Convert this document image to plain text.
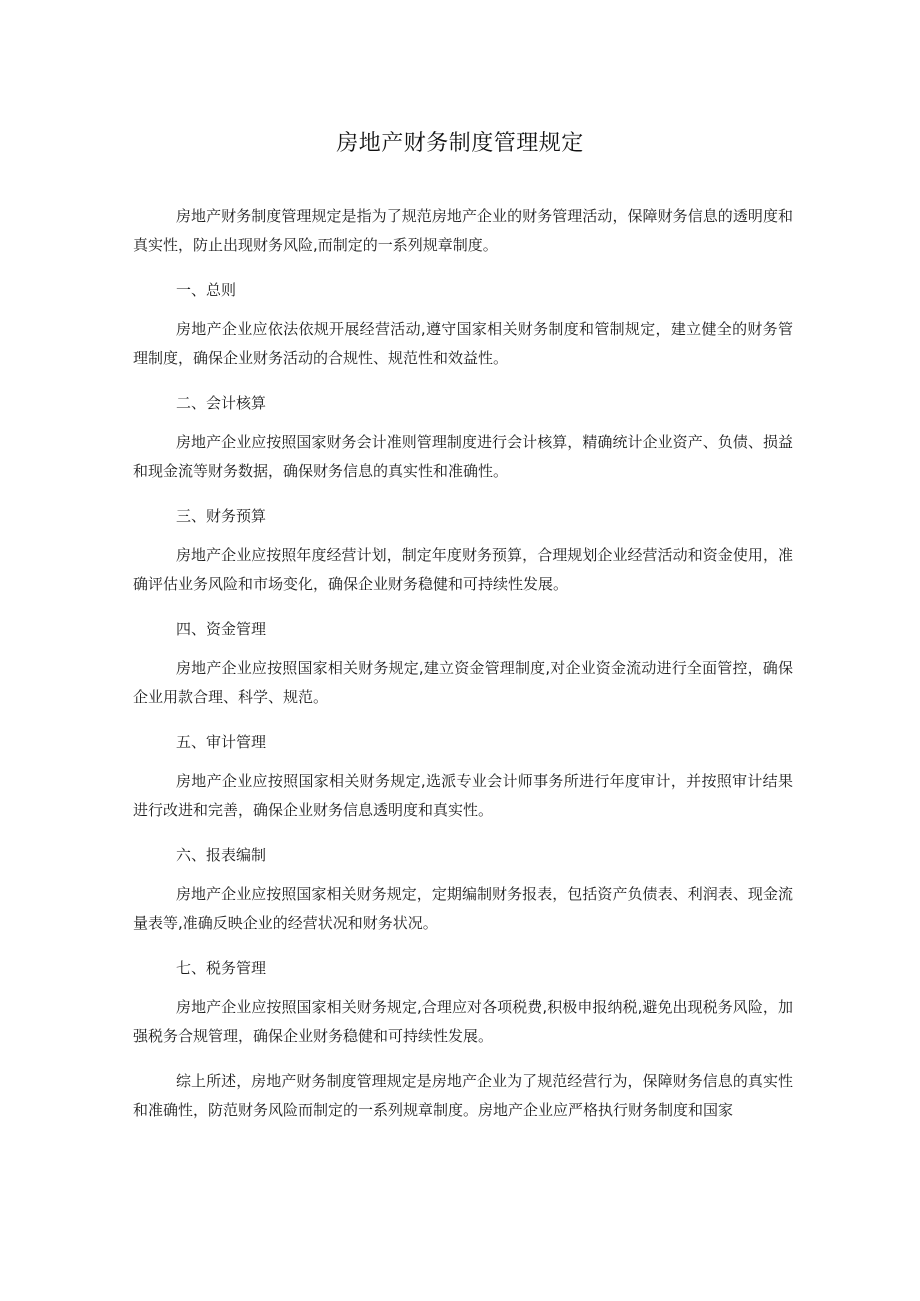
房地产财务制度管理规定

房地产财务制度管理规定是指为了规范房地产企业的财务管理活动，保障财务信息的透明度和真实性，防止出现财务风险,而制定的一系列规章制度。

一、总则

房地产企业应依法依规开展经营活动,遵守国家相关财务制度和管制规定，建立健全的财务管理制度，确保企业财务活动的合规性、规范性和效益性。

二、会计核算

房地产企业应按照国家财务会计准则管理制度进行会计核算，精确统计企业资产、负债、损益和现金流等财务数据，确保财务信息的真实性和准确性。

三、财务预算

房地产企业应按照年度经营计划，制定年度财务预算，合理规划企业经营活动和资金使用，准确评估业务风险和市场变化，确保企业财务稳健和可持续性发展。

四、资金管理

房地产企业应按照国家相关财务规定,建立资金管理制度,对企业资金流动进行全面管控，确保企业用款合理、科学、规范。

五、审计管理

房地产企业应按照国家相关财务规定,选派专业会计师事务所进行年度审计，并按照审计结果进行改进和完善，确保企业财务信息透明度和真实性。

六、报表编制

房地产企业应按照国家相关财务规定，定期编制财务报表，包括资产负债表、利润表、现金流量表等,准确反映企业的经营状况和财务状况。

七、税务管理

房地产企业应按照国家相关财务规定,合理应对各项税费,积极申报纳税,避免出现税务风险，加强税务合规管理，确保企业财务稳健和可持续性发展。

综上所述，房地产财务制度管理规定是房地产企业为了规范经营行为，保障财务信息的真实性和准确性，防范财务风险而制定的一系列规章制度。房地产企业应严格执行财务制度和国家
